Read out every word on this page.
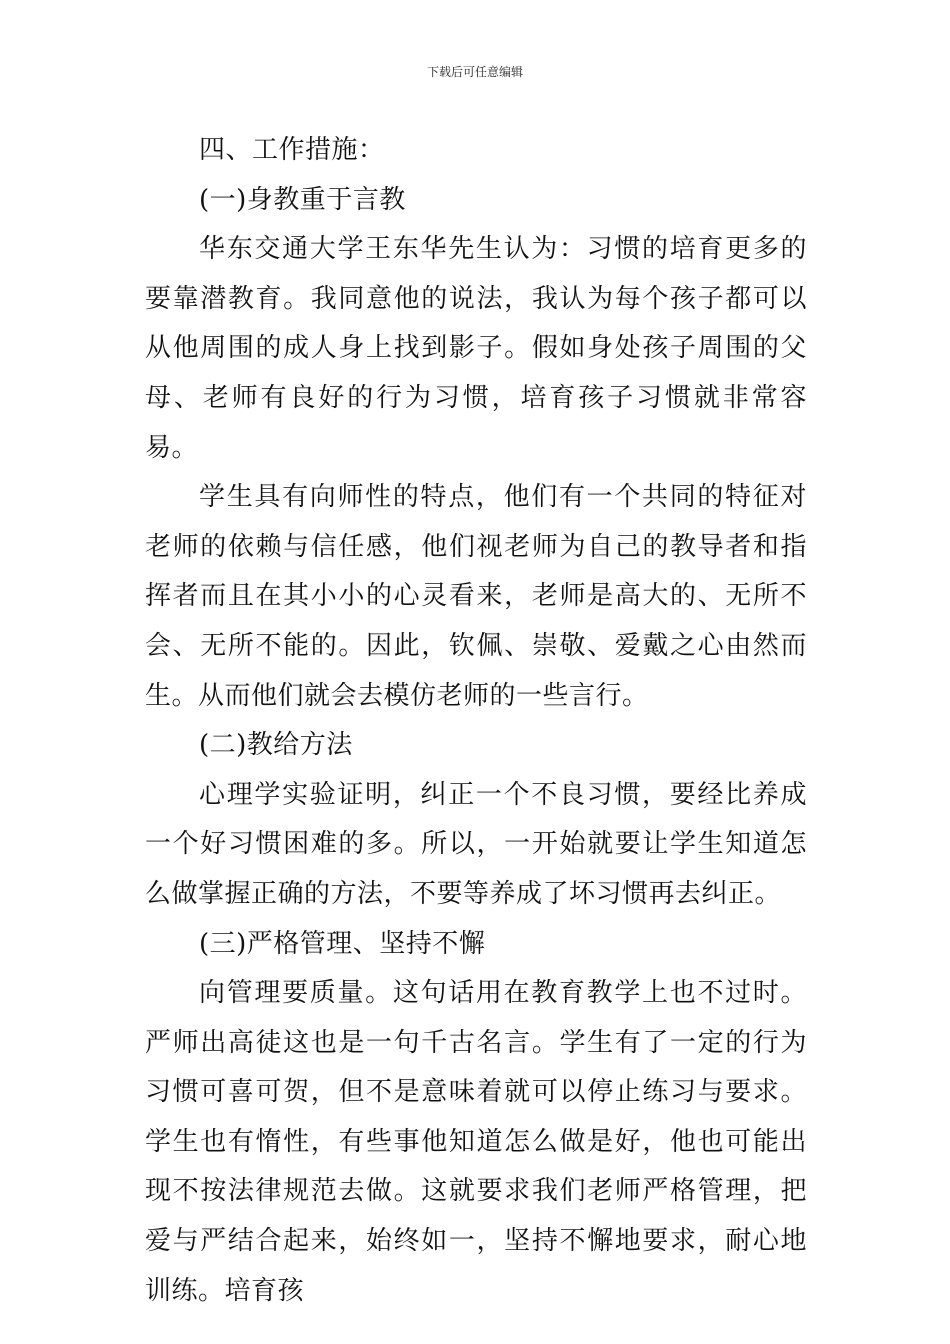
下载后可任意编辑

四、工作措施：

(一)身教重于言教

华东交通大学王东华先生认为：习惯的培育更多的要靠潜教育。我同意他的说法，我认为每个孩子都可以从他周围的成人身上找到影子。假如身处孩子周围的父母、老师有良好的行为习惯，培育孩子习惯就非常容易。

学生具有向师性的特点，他们有一个共同的特征对老师的依赖与信任感，他们视老师为自己的教导者和指挥者而且在其小小的心灵看来，老师是高大的、无所不会、无所不能的。因此，钦佩、崇敬、爱戴之心由然而生。从而他们就会去模仿老师的一些言行。

(二)教给方法

心理学实验证明，纠正一个不良习惯，要经比养成一个好习惯困难的多。所以，一开始就要让学生知道怎么做掌握正确的方法，不要等养成了坏习惯再去纠正。

(三)严格管理、坚持不懈

向管理要质量。这句话用在教育教学上也不过时。严师出高徒这也是一句千古名言。学生有了一定的行为习惯可喜可贺，但不是意味着就可以停止练习与要求。学生也有惰性，有些事他知道怎么做是好，他也可能出现不按法律规范去做。这就要求我们老师严格管理，把爱与严结合起来，始终如一，坚持不懈地要求，耐心地训练。培育孩
